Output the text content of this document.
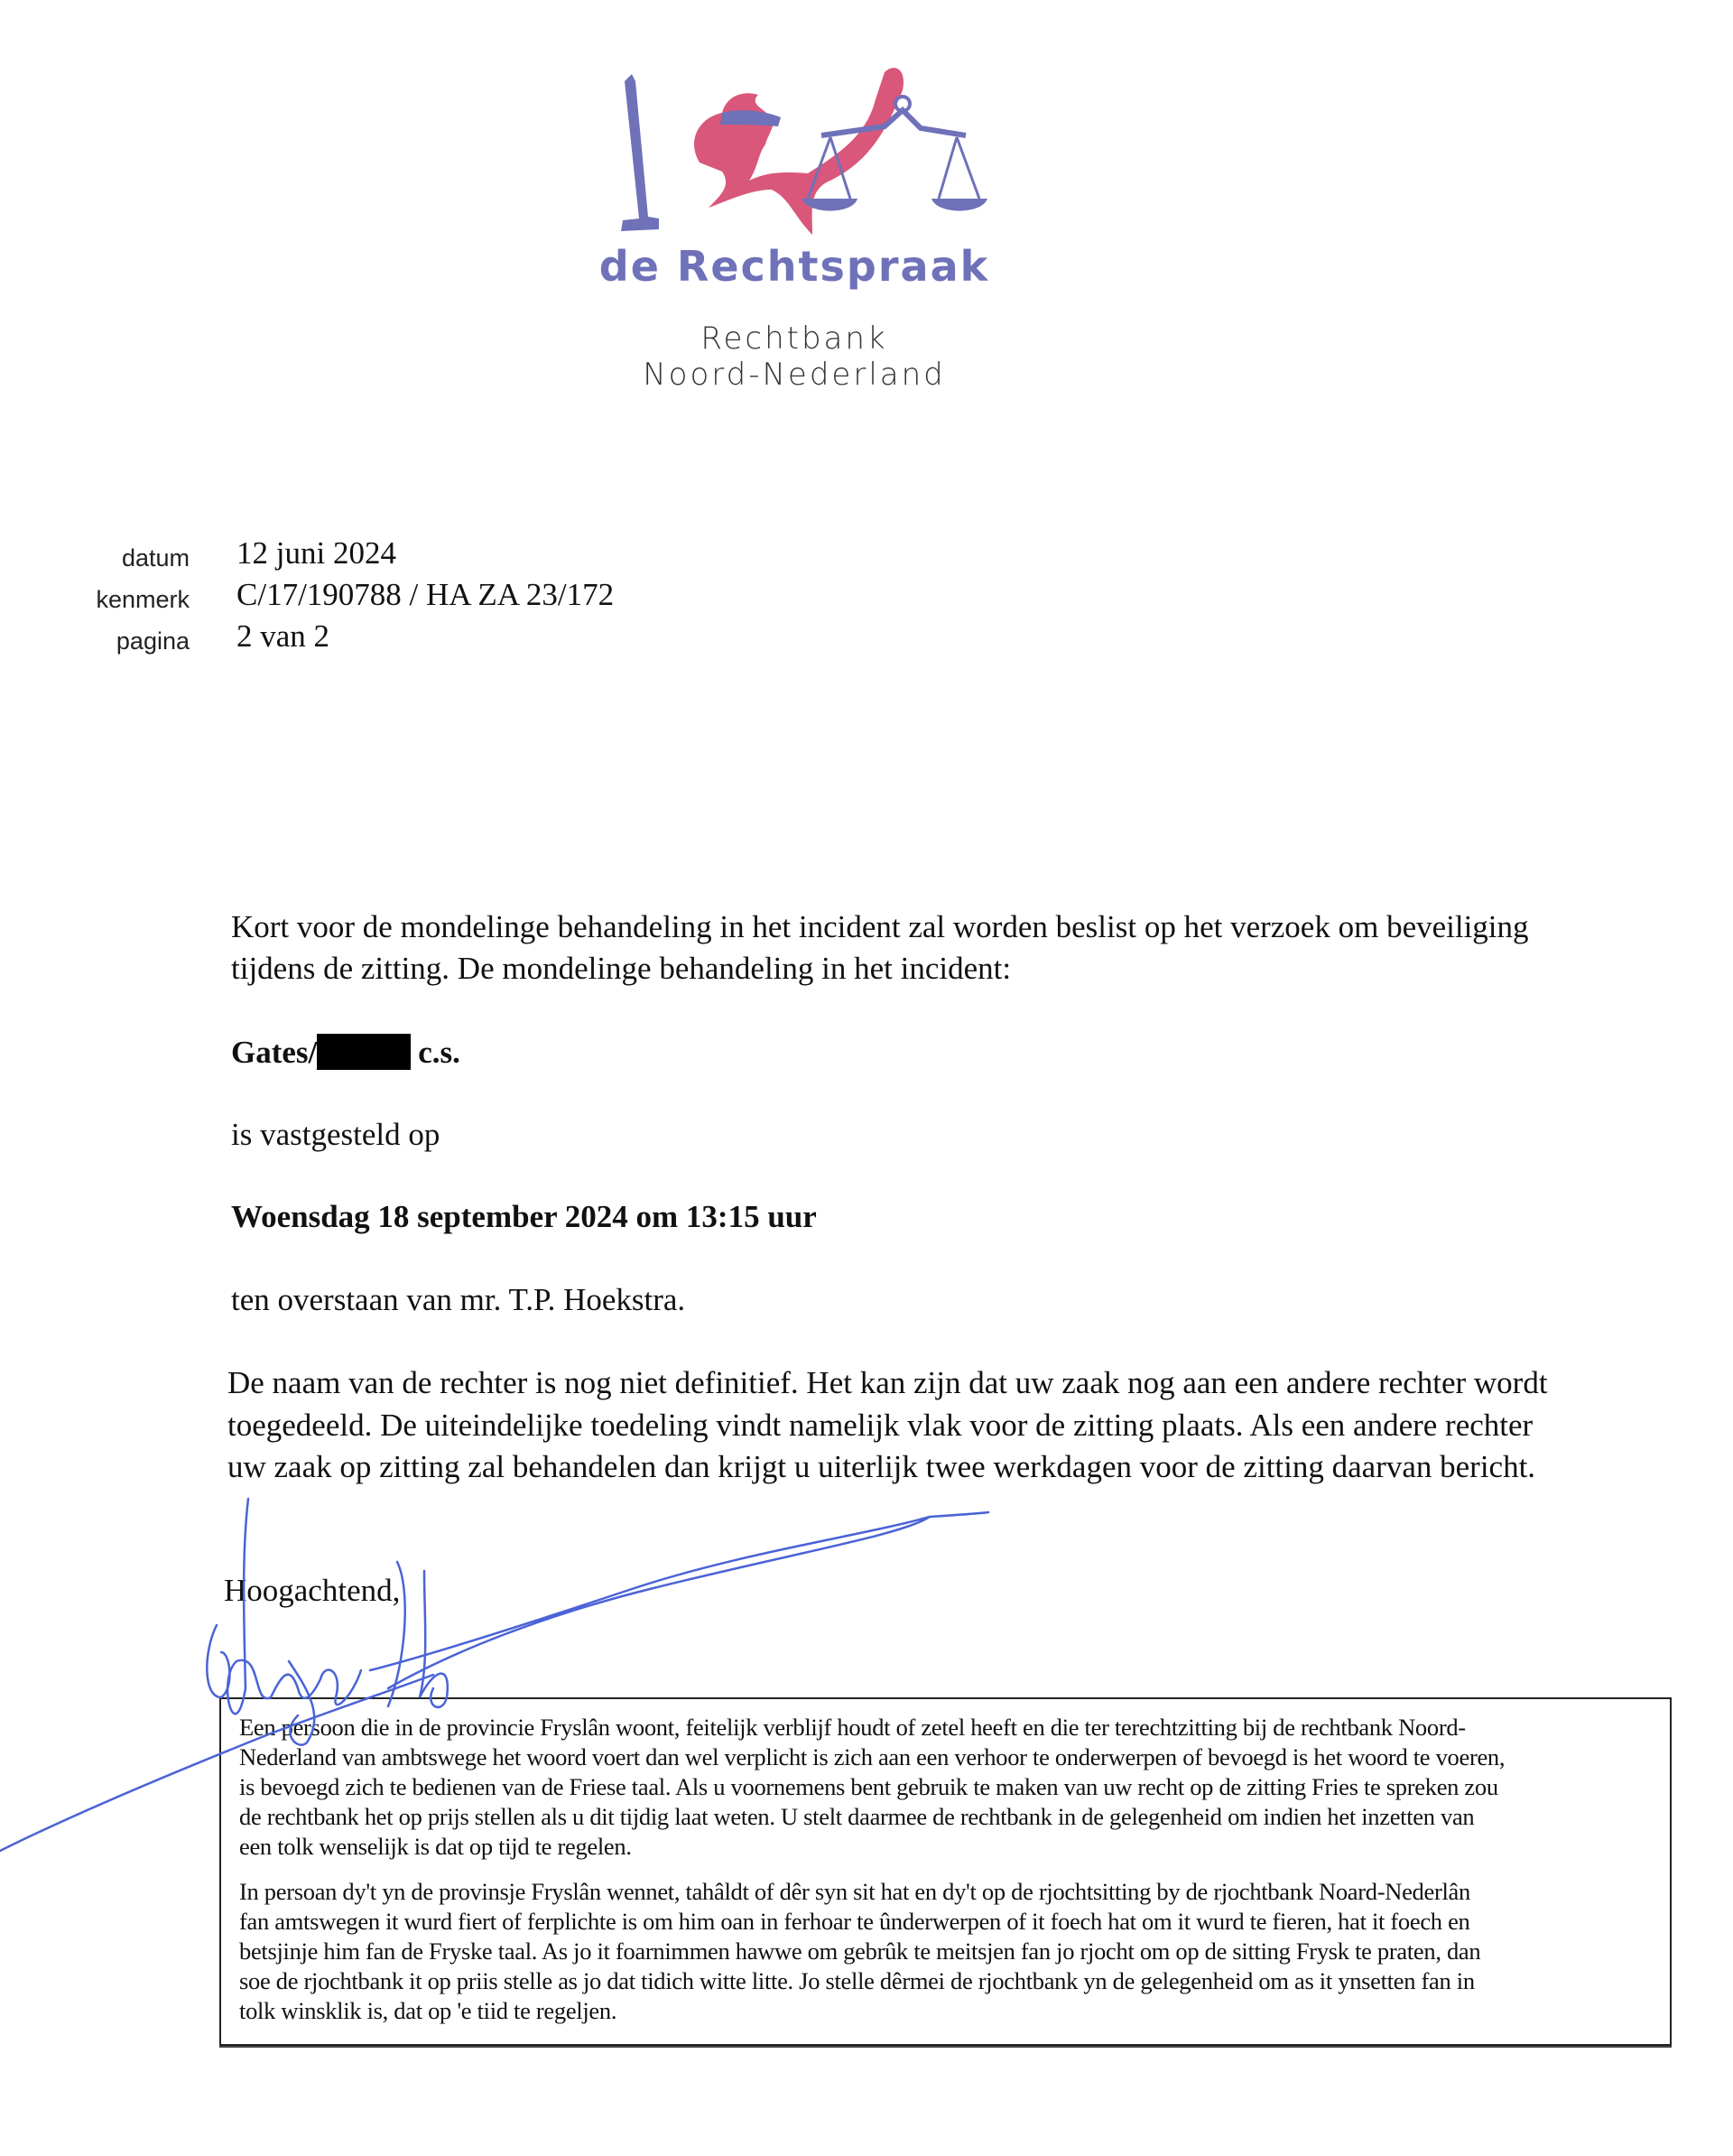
de Rechtspraak
Rechtbank
Noord-Nederland
datum 12 juni 2024
kenmerk C/17/190788 / HA ZA 23/172
pagina 2 van 2
Kort voor de mondelinge behandeling in het incident zal worden beslist op het verzoek om beveiliging
tijdens de zitting. De mondelinge behandeling in het incident:
Gates/	c.s.
is vastgesteld op
Woensdag 18 september 2024 om 13:15 uur
ten overstaan van mr. T.P. Hoekstra.
De naam van de rechter is nog niet definitief. Het kan zijn dat uw zaak nog aan een andere rechter wordt
toegedeeld. De uiteindelijke toedeling vindt namelijk vlak voor de zitting plaats. Als een andere rechter
uw zaak op zitting zal behandelen dan krijgt u uiterlijk twee werkdagen voor de zitting daarvan bericht.
Hoogachtend,
Een persoon die in de provincie Fryslân woont, feitelijk verblijf houdt of zetel heeft en die ter terechtzitting bij de rechtbank Noord-
Nederland van ambtswege het woord voert dan wel verplicht is zich aan een verhoor te onderwerpen of bevoegd is het woord te voeren,
is bevoegd zich te bedienen van de Friese taal. Als u voornemens bent gebruik te maken van uw recht op de zitting Fries te spreken zou
de rechtbank het op prijs stellen als u dit tijdig laat weten. U stelt daarmee de rechtbank in de gelegenheid om indien het inzetten van
een tolk wenselijk is dat op tijd te regelen.
In persoan dy't yn de provinsje Fryslân wennet, tahâldt of dêr syn sit hat en dy't op de rjochtsitting by de rjochtbank Noard-Nederlân
fan amtswegen it wurd fiert of ferplichte is om him oan in ferhoar te ûnderwerpen of it foech hat om it wurd te fieren, hat it foech en
betsjinje him fan de Fryske taal. As jo it foarnimmen hawwe om gebrûk te meitsjen fan jo rjocht om op de sitting Frysk te praten, dan
soe de rjochtbank it op priis stelle as jo dat tidich witte litte. Jo stelle dêrmei de rjochtbank yn de gelegenheid om as it ynsetten fan in
tolk winsklik is, dat op 'e tiid te regeljen.
